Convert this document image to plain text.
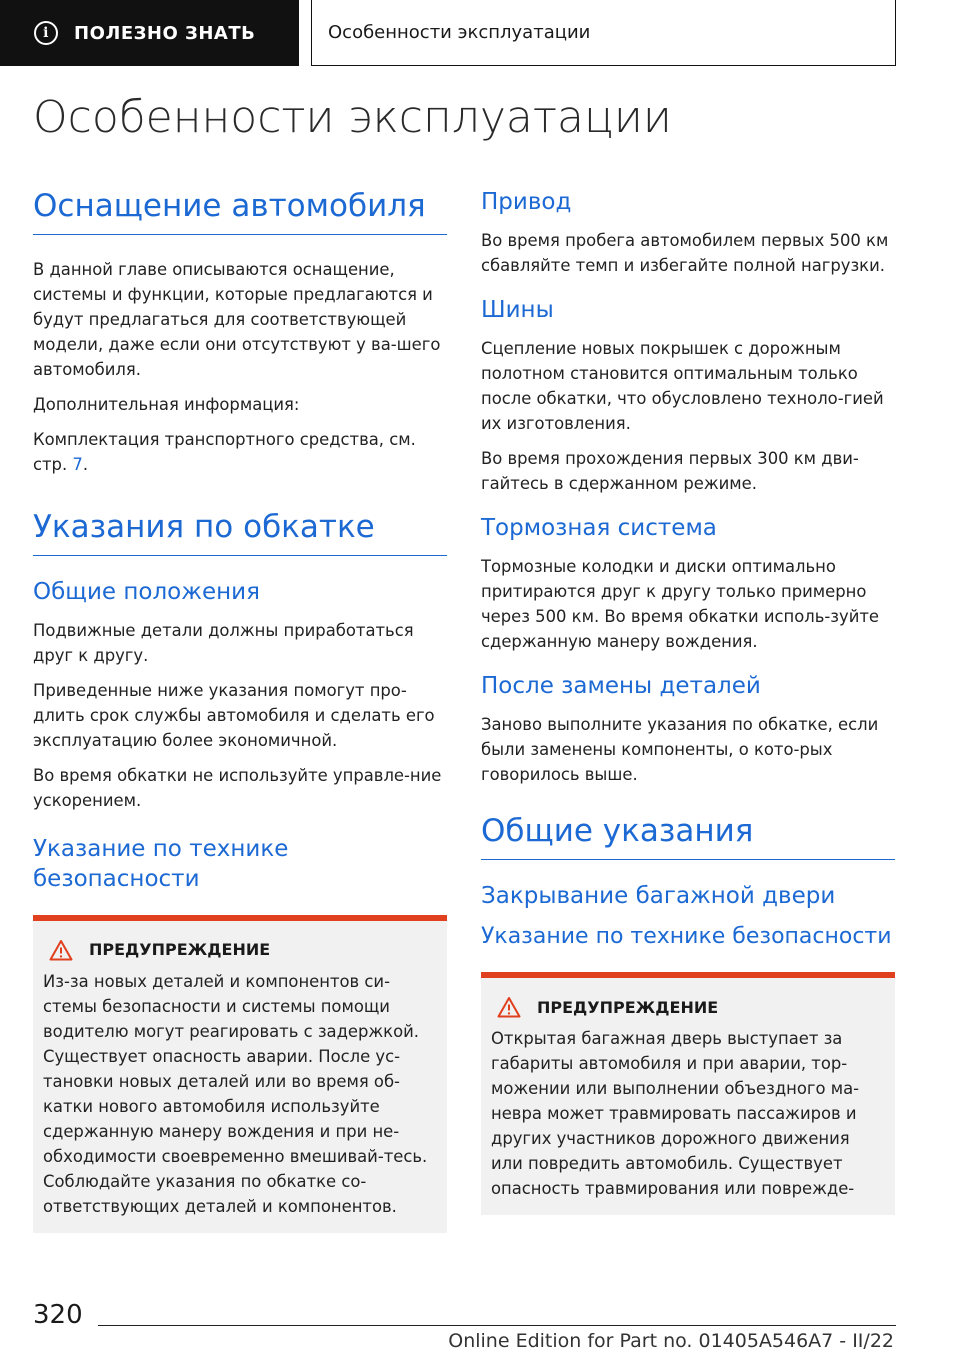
i	ПОЛЕЗНО ЗНАТЬ	Особенности эксплуатации
Особенности эксплуатации
Оснащение автомобиля

В данной главе описываются оснащение, системы и функции, которые предлагаются и будут предлагаться для соответствующей модели, даже если они отсутствуют у ва-шего автомобиля.

Дополнительная информация:

Комплектация транспортного средства, см. стр. 7.

Указания по обкатке
Общие положения

Подвижные детали должны приработаться друг к другу.

Приведенные ниже указания помогут про-длить срок службы автомобиля и сделать его эксплуатацию более экономичной.

Во время обкатки не используйте управле-ние ускорением.

Указание по технике безопасности
ПРЕДУПРЕЖДЕНИЕ

Из-за новых деталей и компонентов си-стемы безопасности и системы помощи водителю могут реагировать с задержкой. Существует опасность аварии. После ус-тановки новых деталей или во время об-катки нового автомобиля используйте сдержанную манеру вождения и при не-обходимости своевременно вмешивай-тесь. Соблюдайте указания по обкатке со-ответствующих деталей и компонентов.

Привод

Во время пробега автомобилем первых 500 км сбавляйте темп и избегайте полной нагрузки.

Шины

Сцепление новых покрышек с дорожным полотном становится оптимальным только после обкатки, что обусловлено техноло-гией их изготовления.

Во время прохождения первых 300 км дви-гайтесь в сдержанном режиме.

Тормозная система

Тормозные колодки и диски оптимально притираются друг к другу только примерно через 500 км. Во время обкатки исполь-зуйте сдержанную манеру вождения.

После замены деталей

Заново выполните указания по обкатке, если были заменены компоненты, о кото-рых говорилось выше.

Общие указания
Закрывание багажной двери
Указание по технике безопасности
ПРЕДУПРЕЖДЕНИЕ

Открытая багажная дверь выступает за габариты автомобиля и при аварии, тор-можении или выполнении объездного ма-невра может травмировать пассажиров и других участников дорожного движения или повредить автомобиль. Существует опасность травмирования или поврежде-

320
Online Edition for Part no. 01405A546A7 - II/22
